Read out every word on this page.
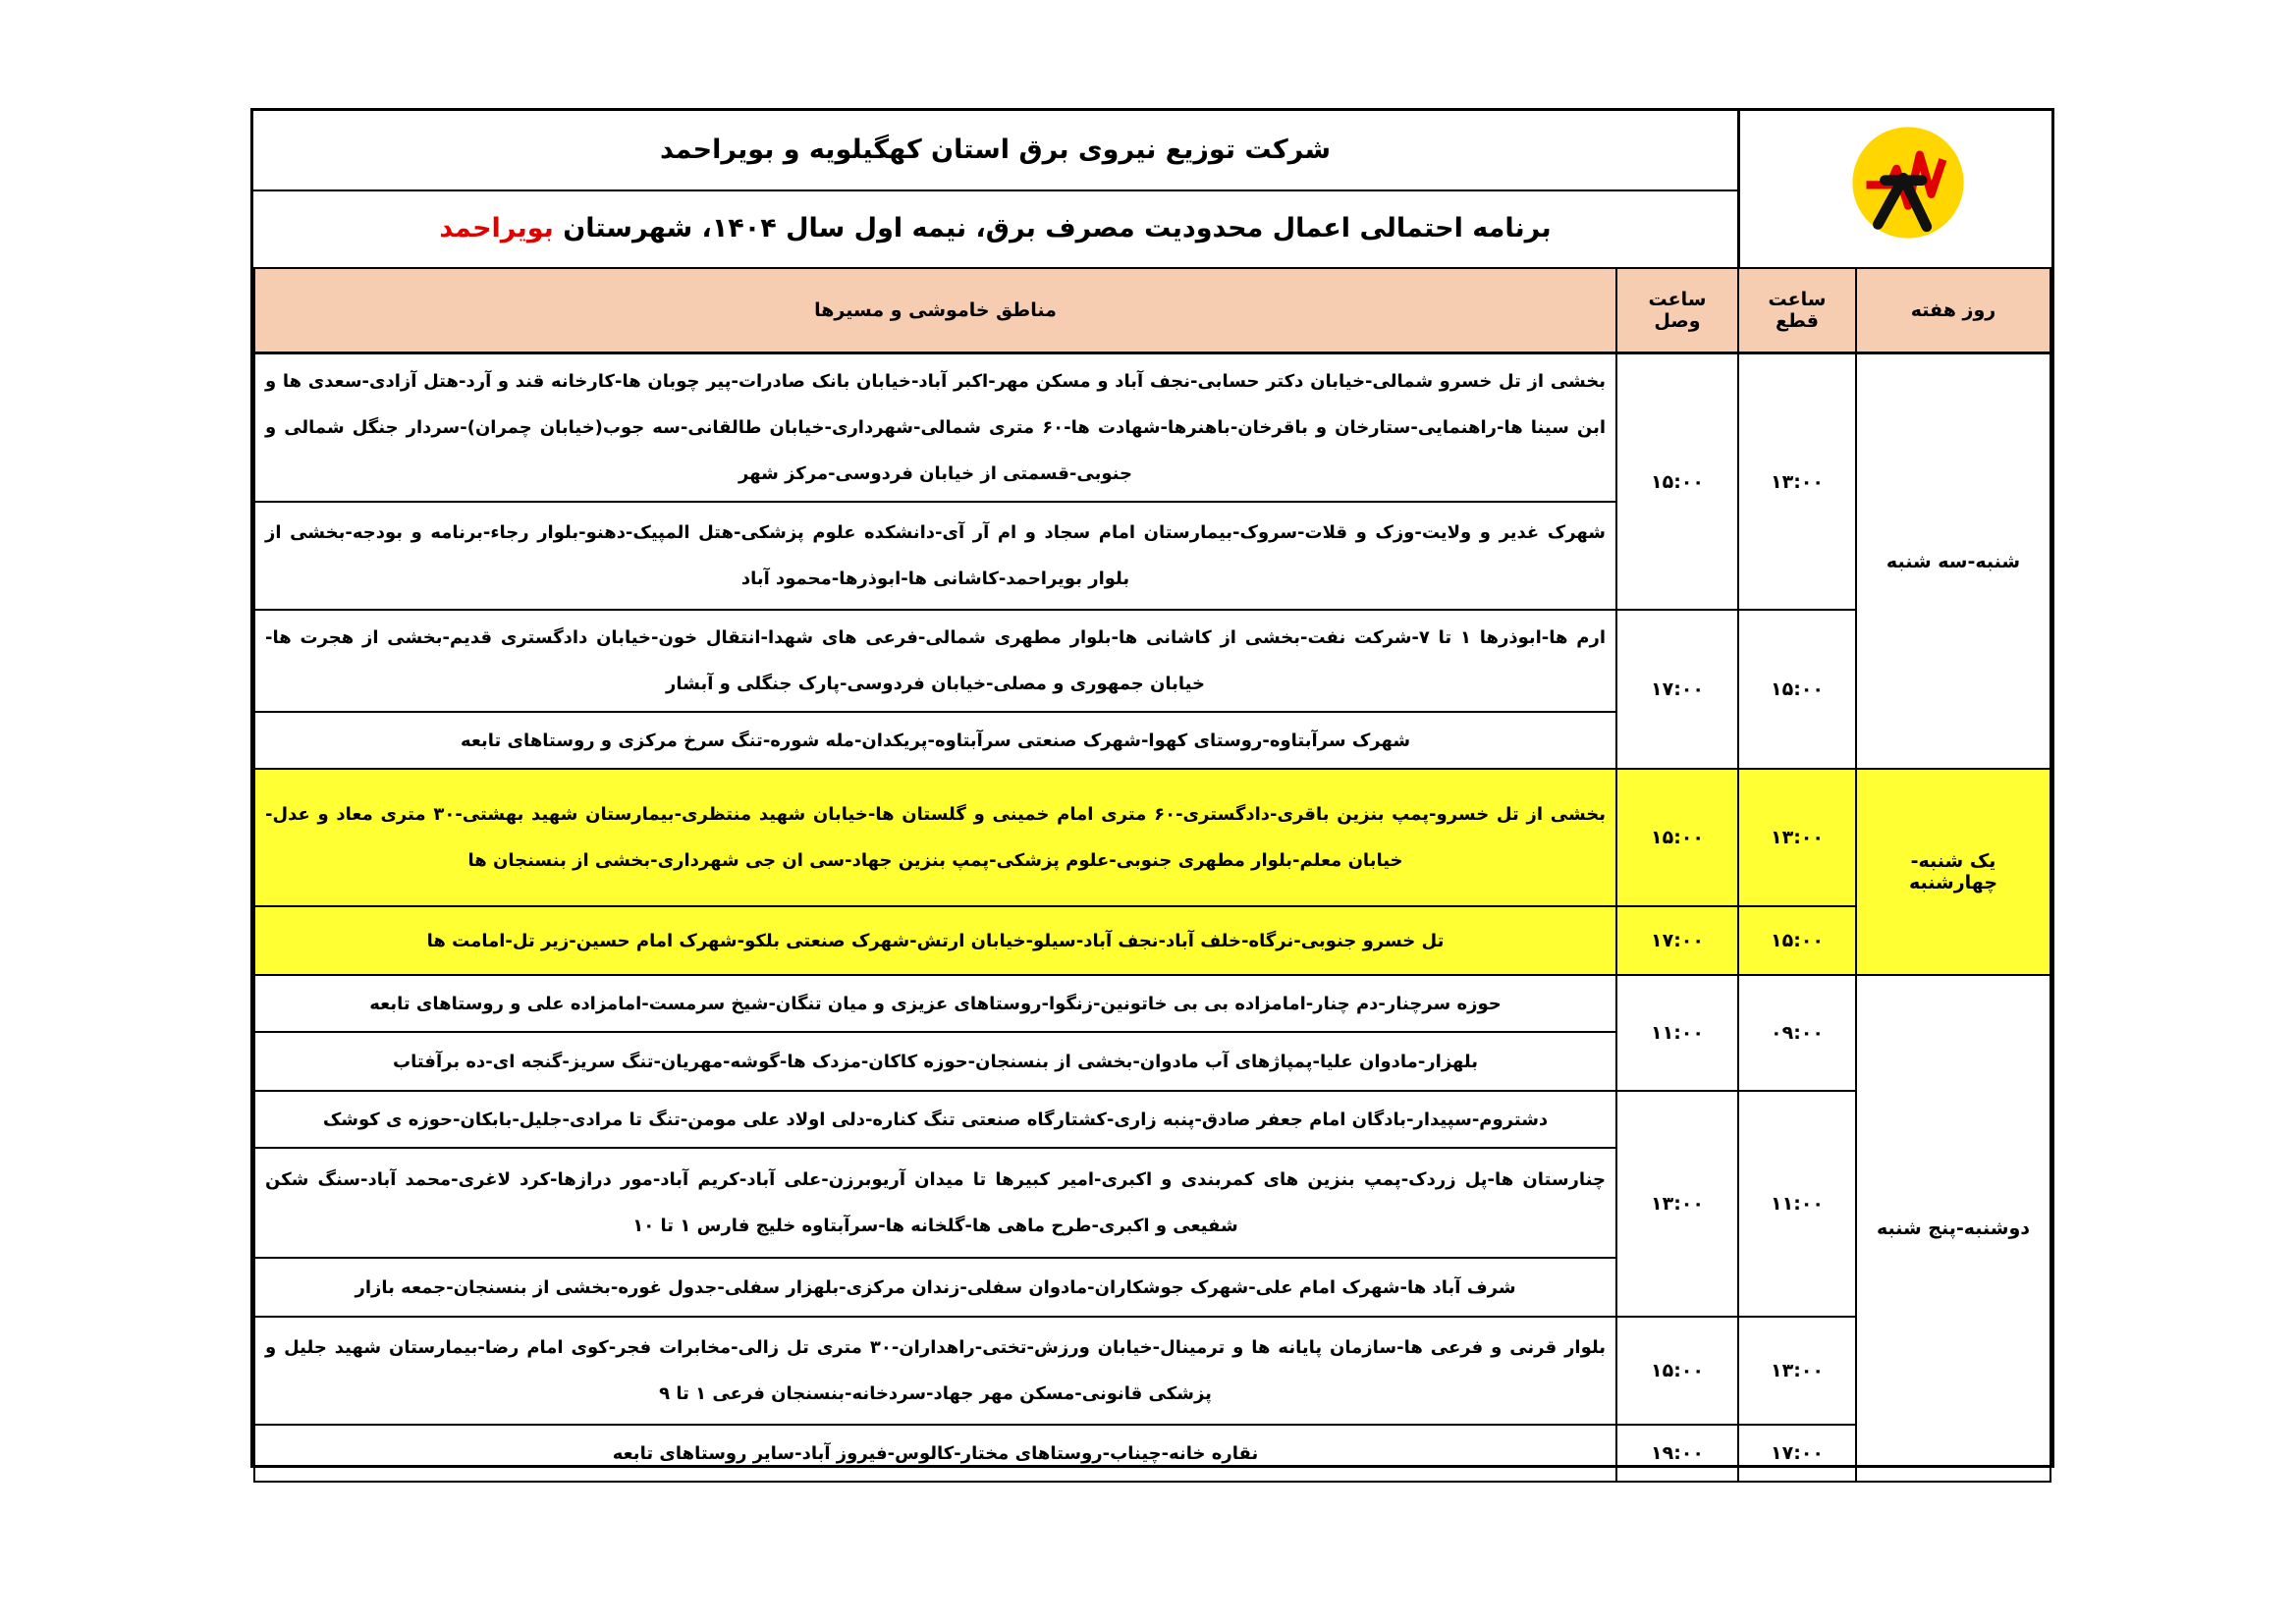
شرکت توزیع نیروی برق استان کهگیلویه و بویراحمد
برنامه احتمالی اعمال محدودیت مصرف برق، نیمه اول سال ۱۴۰۴، شهرستان بویراحمد
روز هفته	ساعت قطع	ساعت وصل	مناطق خاموشی و مسیرها
شنبه-سه شنبه	۱۳:۰۰	۱۵:۰۰	بخشی از تل خسرو شمالی-خیابان دکتر حسابی-نجف آباد و مسکن مهر-اکبر آباد-خیابان بانک صادرات-پیر چوبان ها-کارخانه قند و آرد-هتل آزادی-سعدی ها و ابن سینا ها-راهنمایی-ستارخان و باقرخان-باهنرها-شهادت ها-۶۰ متری شمالی-شهرداری-خیابان طالقانی-سه جوب(خیابان چمران)-سردار جنگل شمالی و جنوبی-قسمتی از خیابان فردوسی-مرکز شهر
			شهرک غدیر و ولایت-وزک و قلات-سروک-بیمارستان امام سجاد و ام آر آی-دانشکده علوم پزشکی-هتل المپیک-دهنو-بلوار رجاء-برنامه و بودجه-بخشی از بلوار بویراحمد-کاشانی ها-ابوذرها-محمود آباد
	۱۵:۰۰	۱۷:۰۰	ارم ها-ابوذرها ۱ تا ۷-شرکت نفت-بخشی از کاشانی ها-بلوار مطهری شمالی-فرعی های شهدا-انتقال خون-خیابان دادگستری قدیم-بخشی از هجرت ها-خیابان جمهوری و مصلی-خیابان فردوسی-پارک جنگلی و آبشار
			شهرک سرآبتاوه-روستای کهوا-شهرک صنعتی سرآبتاوه-پریکدان-مله شوره-تنگ سرخ مرکزی و روستاهای تابعه
یک شنبه-چهارشنبه	۱۳:۰۰	۱۵:۰۰	بخشی از تل خسرو-پمپ بنزین باقری-دادگستری-۶۰ متری امام خمینی و گلستان ها-خیابان شهید منتظری-بیمارستان شهید بهشتی-۳۰ متری معاد و عدل-خیابان معلم-بلوار مطهری جنوبی-علوم پزشکی-پمپ بنزین جهاد-سی ان جی شهرداری-بخشی از بنسنجان ها
	۱۵:۰۰	۱۷:۰۰	تل خسرو جنوبی-نرگاه-خلف آباد-نجف آباد-سیلو-خیابان ارتش-شهرک صنعتی بلکو-شهرک امام حسین-زیر تل-امامت ها
دوشنبه-پنج شنبه	۰۹:۰۰	۱۱:۰۰	حوزه سرچنار-دم چنار-امامزاده بی بی خاتونین-زنگوا-روستاهای عزیزی و میان تنگان-شیخ سرمست-امامزاده علی و روستاهای تابعه
			بلهزار-مادوان علیا-پمپاژهای آب مادوان-بخشی از بنسنجان-حوزه کاکان-مزدک ها-گوشه-مهریان-تنگ سریز-گنجه ای-ده برآفتاب
	۱۱:۰۰	۱۳:۰۰	دشتروم-سپیدار-بادگان امام جعفر صادق-پنبه زاری-کشتارگاه صنعتی تنگ کناره-دلی اولاد علی مومن-تنگ تا مرادی-جلیل-بابکان-حوزه ی کوشک
			چنارستان ها-پل زردک-پمپ بنزین های کمربندی و اکبری-امیر کبیرها تا میدان آریوبرزن-علی آباد-کریم آباد-مور درازها-کرد لاغری-محمد آباد-سنگ شکن شفیعی و اکبری-طرح ماهی ها-گلخانه ها-سرآبتاوه خلیج فارس ۱ تا ۱۰
			شرف آباد ها-شهرک امام علی-شهرک جوشکاران-مادوان سفلی-زندان مرکزی-بلهزار سفلی-جدول غوره-بخشی از بنسنجان-جمعه بازار
	۱۳:۰۰	۱۵:۰۰	بلوار قرنی و فرعی ها-سازمان پایانه ها و ترمینال-خیابان ورزش-تختی-راهداران-۳۰ متری تل زالی-مخابرات فجر-کوی امام رضا-بیمارستان شهید جلیل و پزشکی قانونی-مسکن مهر جهاد-سردخانه-بنسنجان فرعی ۱ تا ۹
	۱۷:۰۰	۱۹:۰۰	نقاره خانه-چیناب-روستاهای مختار-کالوس-فیروز آباد-سایر روستاهای تابعه
